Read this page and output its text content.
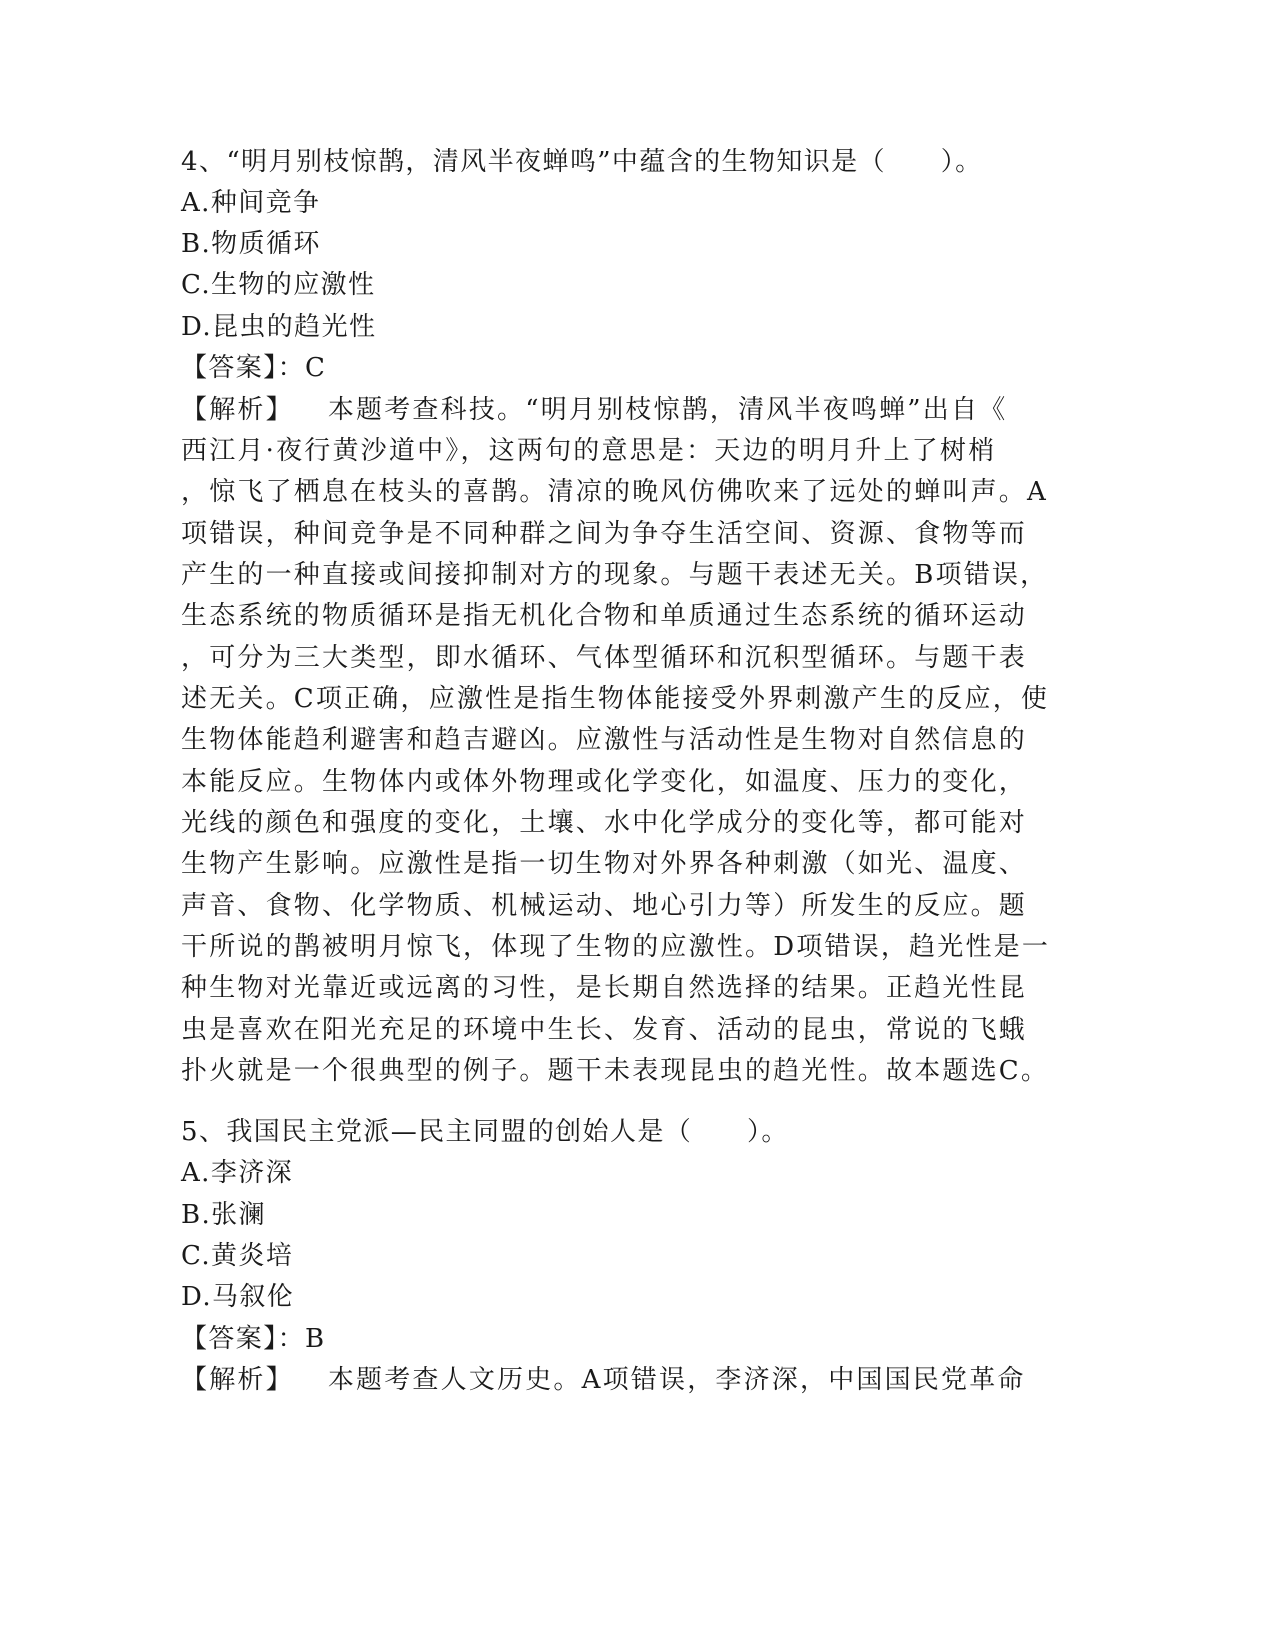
4、“明月别枝惊鹊，清风半夜蝉鸣”中蕴含的生物知识是（　　）。
A.种间竞争
B.物质循环
C.生物的应激性
D.昆虫的趋光性
【答案】：C
【解析】 本题考查科技。“明月别枝惊鹊，清风半夜鸣蝉”出自《
西江月·夜行黄沙道中》，这两句的意思是：天边的明月升上了树梢
，惊飞了栖息在枝头的喜鹊。清凉的晚风仿佛吹来了远处的蝉叫声。A
项错误，种间竞争是不同种群之间为争夺生活空间、资源、食物等而
产生的一种直接或间接抑制对方的现象。与题干表述无关。B项错误，
生态系统的物质循环是指无机化合物和单质通过生态系统的循环运动
，可分为三大类型，即水循环、气体型循环和沉积型循环。与题干表
述无关。C项正确，应激性是指生物体能接受外界刺激产生的反应，使
生物体能趋利避害和趋吉避凶。应激性与活动性是生物对自然信息的
本能反应。生物体内或体外物理或化学变化，如温度、压力的变化，
光线的颜色和强度的变化，土壤、水中化学成分的变化等，都可能对
生物产生影响。应激性是指一切生物对外界各种刺激（如光、温度、
声音、食物、化学物质、机械运动、地心引力等）所发生的反应。题
干所说的鹊被明月惊飞，体现了生物的应激性。D项错误，趋光性是一
种生物对光靠近或远离的习性，是长期自然选择的结果。正趋光性昆
虫是喜欢在阳光充足的环境中生长、发育、活动的昆虫，常说的飞蛾
扑火就是一个很典型的例子。题干未表现昆虫的趋光性。故本题选C。
5、我国民主党派—民主同盟的创始人是（　　）。
A.李济深
B.张澜
C.黄炎培
D.马叙伦
【答案】：B
【解析】 本题考查人文历史。A项错误，李济深，中国国民党革命
